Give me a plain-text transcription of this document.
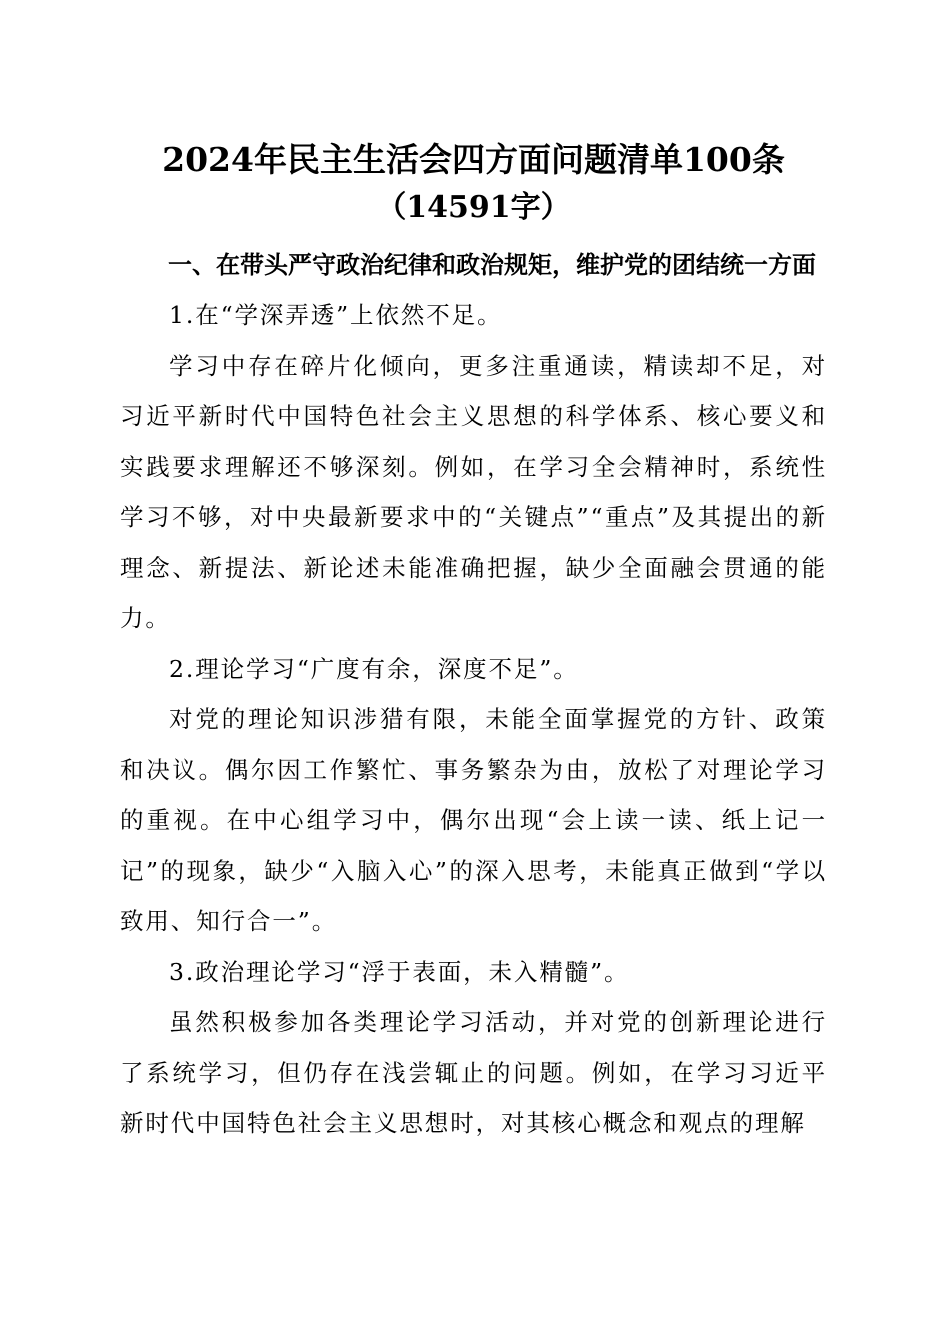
2024年民主生活会四方面问题清单100条
（14591字）

一、在带头严守政治纪律和政治规矩，维护党的团结统一方面

1.在“学深弄透”上依然不足。

学习中存在碎片化倾向，更多注重通读，精读却不足，对习近平新时代中国特色社会主义思想的科学体系、核心要义和实践要求理解还不够深刻。例如，在学习全会精神时，系统性学习不够，对中央最新要求中的“关键点”“重点”及其提出的新理念、新提法、新论述未能准确把握，缺少全面融会贯通的能力。

2.理论学习“广度有余，深度不足”。

对党的理论知识涉猎有限，未能全面掌握党的方针、政策和决议。偶尔因工作繁忙、事务繁杂为由，放松了对理论学习的重视。在中心组学习中，偶尔出现“会上读一读、纸上记一记”的现象，缺少“入脑入心”的深入思考，未能真正做到“学以致用、知行合一”。

3.政治理论学习“浮于表面，未入精髓”。

虽然积极参加各类理论学习活动，并对党的创新理论进行了系统学习，但仍存在浅尝辄止的问题。例如，在学习习近平新时代中国特色社会主义思想时，对其核心概念和观点的理解
